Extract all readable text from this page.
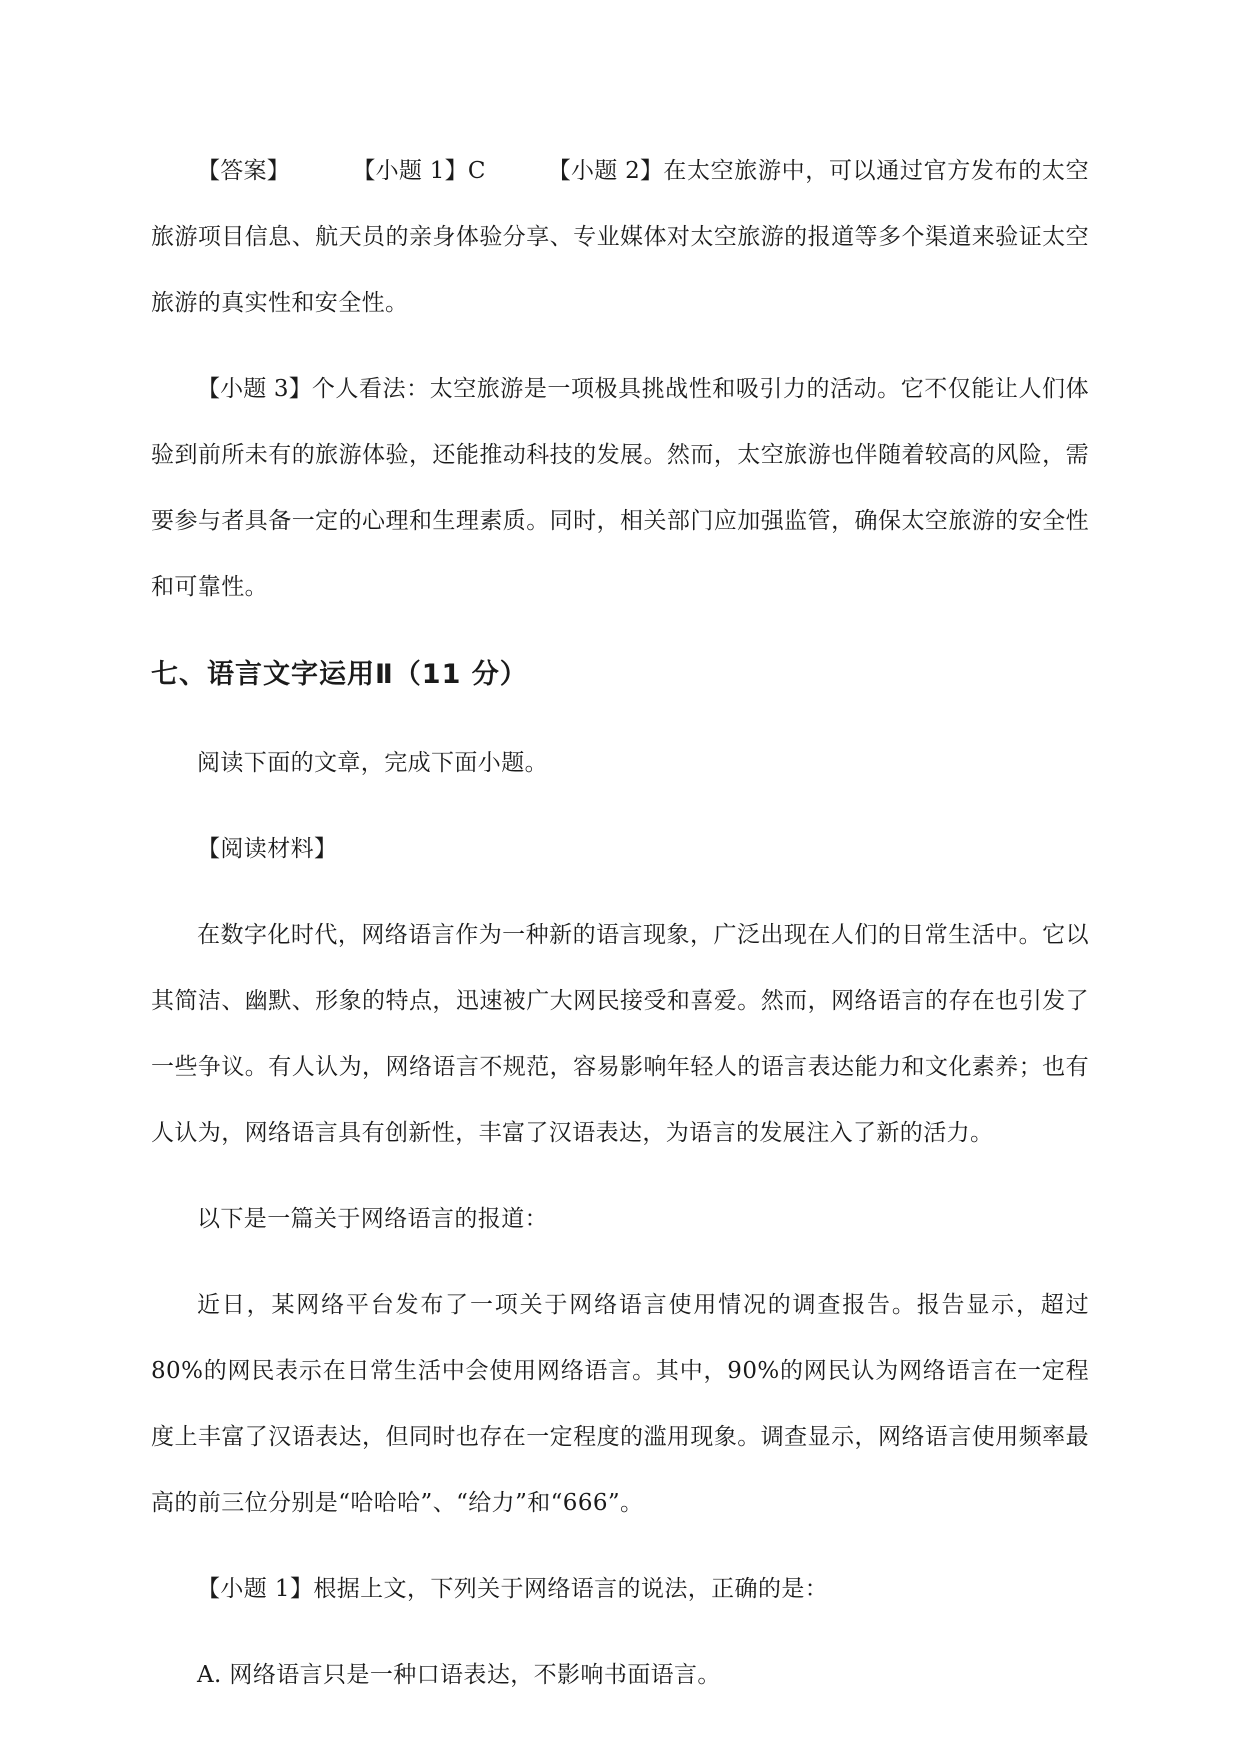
【答案】	【小题 1】C	【小题 2】在太空旅游中，可以通过官方发布的太空旅游项目信息、航天员的亲身体验分享、专业媒体对太空旅游的报道等多个渠道来验证太空旅游的真实性和安全性。

【小题 3】个人看法：太空旅游是一项极具挑战性和吸引力的活动。它不仅能让人们体验到前所未有的旅游体验，还能推动科技的发展。然而，太空旅游也伴随着较高的风险，需要参与者具备一定的心理和生理素质。同时，相关部门应加强监管，确保太空旅游的安全性和可靠性。

七、语言文字运用Ⅱ（11 分）

阅读下面的文章，完成下面小题。

【阅读材料】

在数字化时代，网络语言作为一种新的语言现象，广泛出现在人们的日常生活中。它以其简洁、幽默、形象的特点，迅速被广大网民接受和喜爱。然而，网络语言的存在也引发了一些争议。有人认为，网络语言不规范，容易影响年轻人的语言表达能力和文化素养；也有人认为，网络语言具有创新性，丰富了汉语表达，为语言的发展注入了新的活力。

以下是一篇关于网络语言的报道：

近日，某网络平台发布了一项关于网络语言使用情况的调查报告。报告显示，超过80%的网民表示在日常生活中会使用网络语言。其中，90%的网民认为网络语言在一定程度上丰富了汉语表达，但同时也存在一定程度的滥用现象。调查显示，网络语言使用频率最高的前三位分别是“哈哈哈”、“给力”和“666”。

【小题 1】根据上文，下列关于网络语言的说法，正确的是：

A. 网络语言只是一种口语表达，不影响书面语言。
